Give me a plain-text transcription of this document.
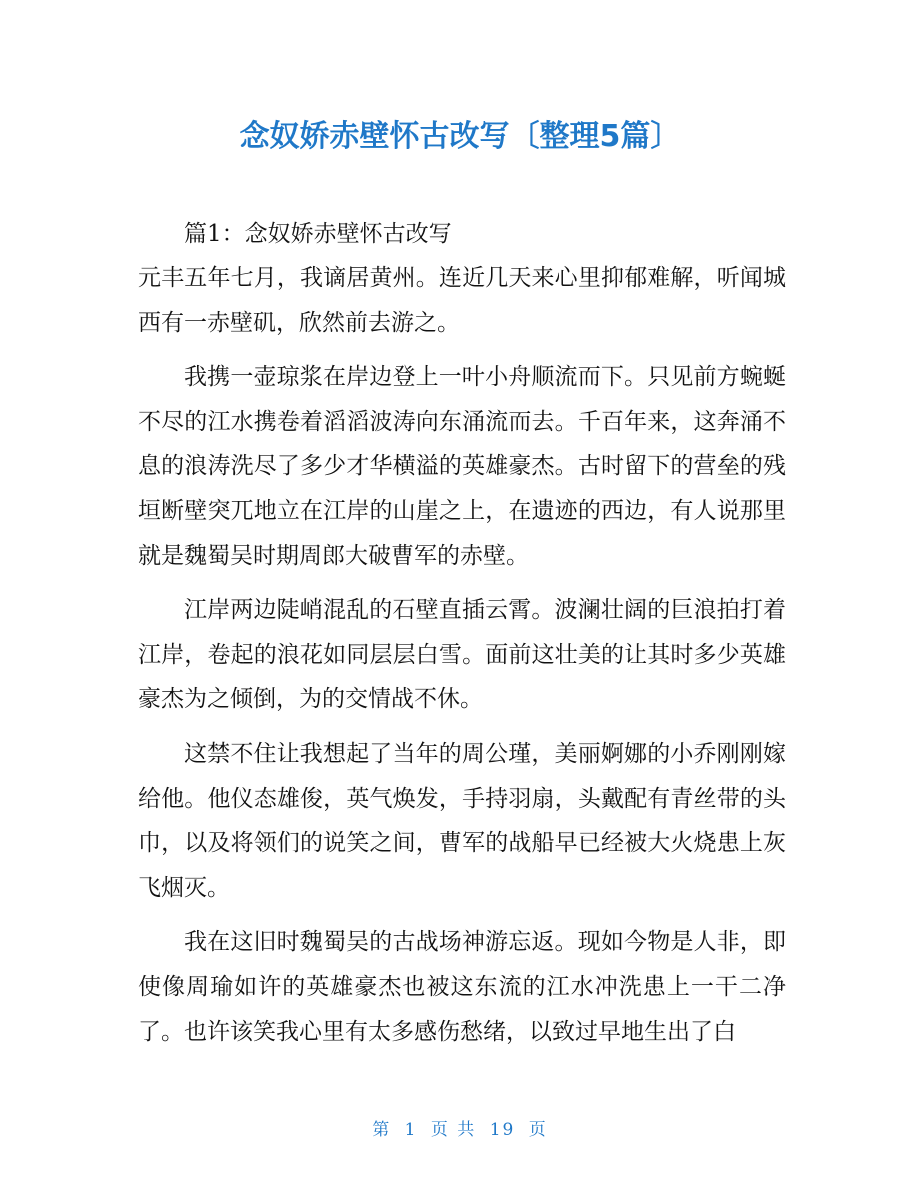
念奴娇赤壁怀古改写〔整理5篇〕
篇1：念奴娇赤壁怀古改写

元丰五年七月，我谪居黄州。连近几天来心里抑郁难解，听闻城西有一赤壁矶，欣然前去游之。

我携一壶琼浆在岸边登上一叶小舟顺流而下。只见前方蜿蜒不尽的江水携卷着滔滔波涛向东涌流而去。千百年来，这奔涌不息的浪涛洗尽了多少才华横溢的英雄豪杰。古时留下的营垒的残垣断壁突兀地立在江岸的山崖之上，在遗迹的西边，有人说那里就是魏蜀吴时期周郎大破曹军的赤壁。

江岸两边陡峭混乱的石壁直插云霄。波澜壮阔的巨浪拍打着江岸，卷起的浪花如同层层白雪。面前这壮美的让其时多少英雄豪杰为之倾倒，为的交情战不休。

这禁不住让我想起了当年的周公瑾，美丽婀娜的小乔刚刚嫁给他。他仪态雄俊，英气焕发，手持羽扇，头戴配有青丝带的头巾，以及将领们的说笑之间，曹军的战船早已经被大火烧患上灰飞烟灭。

我在这旧时魏蜀吴的古战场神游忘返。现如今物是人非，即使像周瑜如许的英雄豪杰也被这东流的江水冲洗患上一干二净了。也许该笑我心里有太多感伤愁绪，以致过早地生出了白

第 1 页 共 19 页
